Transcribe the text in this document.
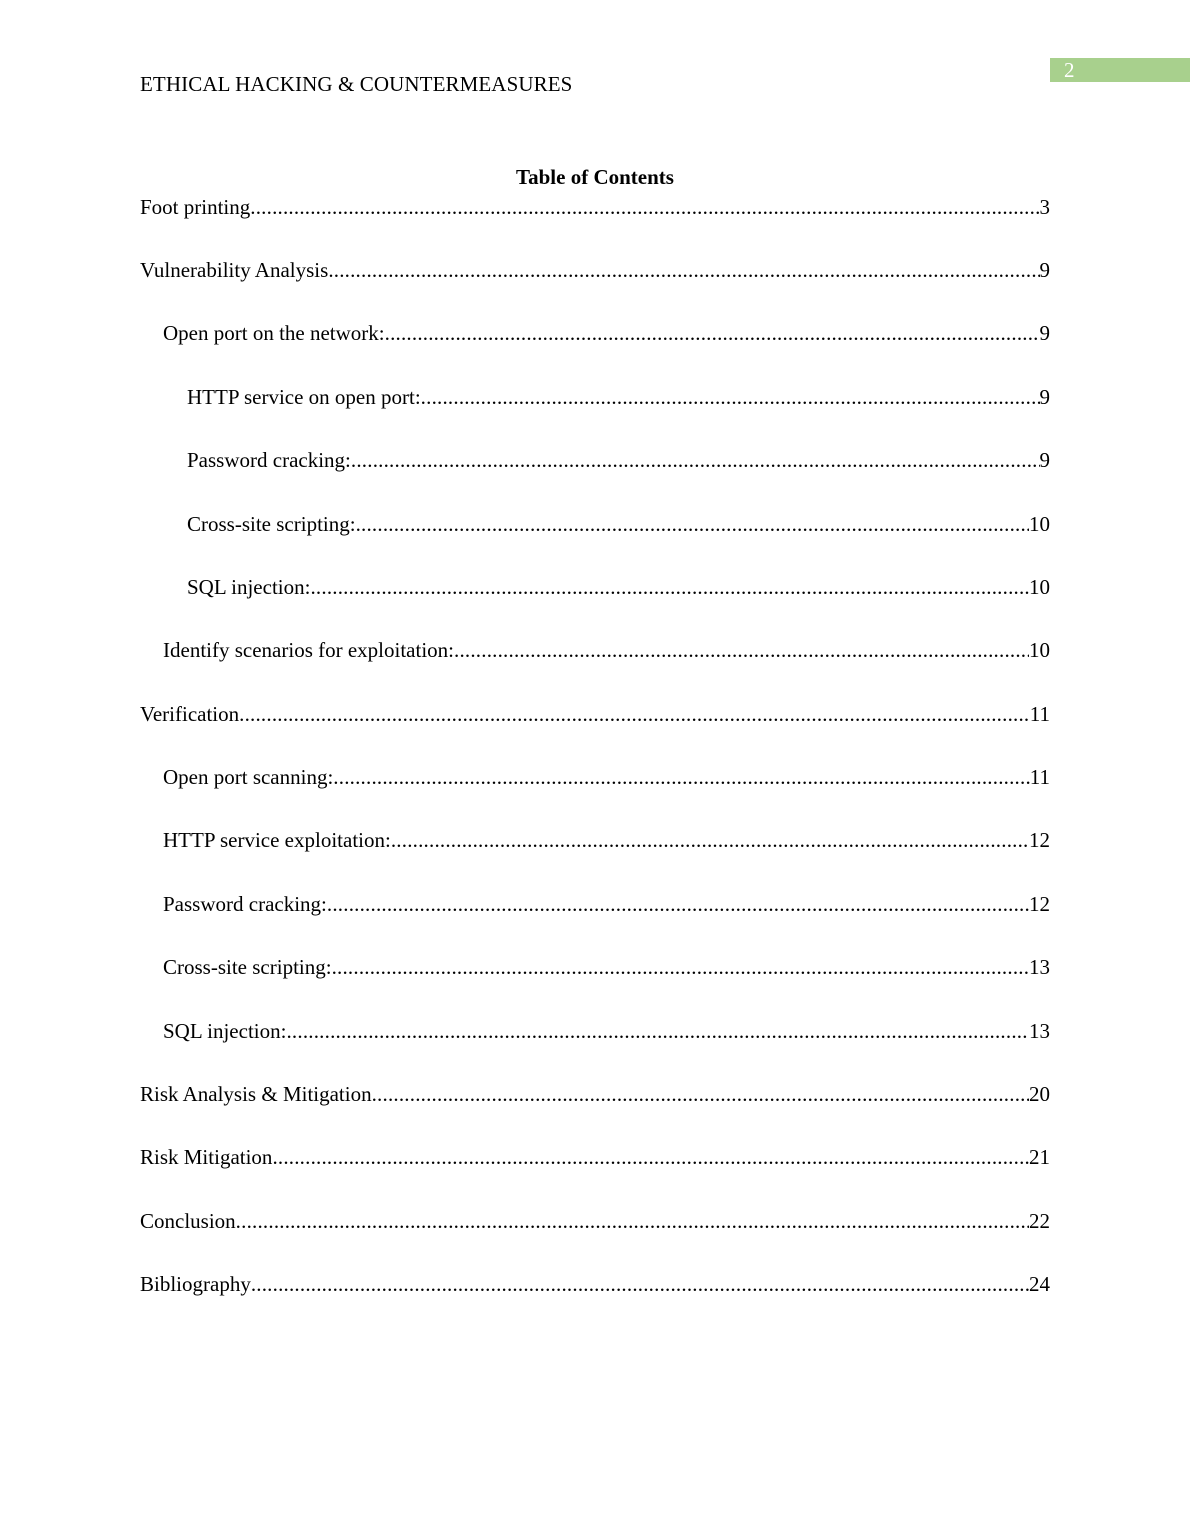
2
ETHICAL HACKING & COUNTERMEASURES
Table of Contents
Foot printing .....	3
Vulnerability Analysis .....	9
Open port on the network: .....	9
HTTP service on open port: .....	9
Password cracking: .....	9
Cross-site scripting: .....	10
SQL injection: .....	10
Identify scenarios for exploitation: .....	10
Verification .....	11
Open port scanning: .....	11
HTTP service exploitation: .....	12
Password cracking: .....	12
Cross-site scripting: .....	13
SQL injection: .....	13
Risk Analysis & Mitigation .....	20
Risk Mitigation .....	21
Conclusion .....	22
Bibliography .....	24
